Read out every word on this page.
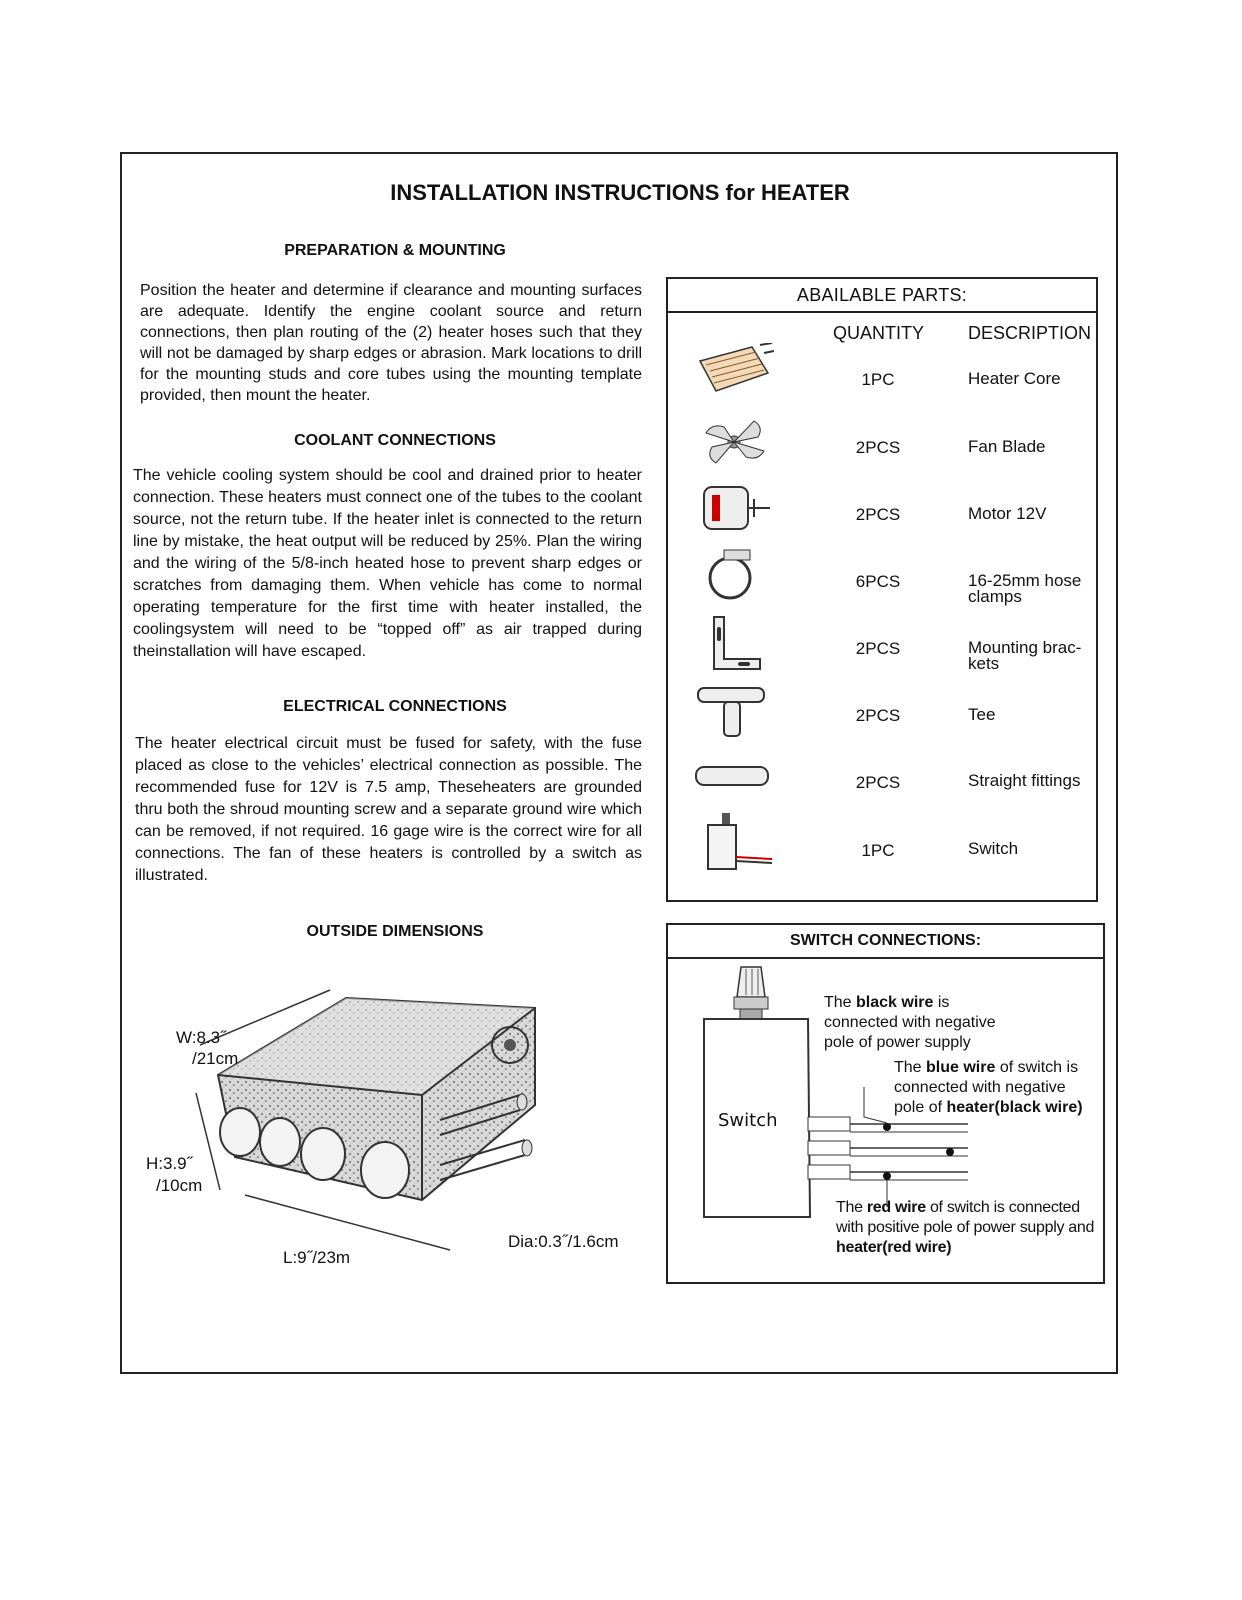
INSTALLATION INSTRUCTIONS for HEATER
PREPARATION & MOUNTING

Position the heater and determine if clearance and mounting surfaces are adequate. Identify the engine coolant source and return connections, then plan routing of the (2) heater hoses such that they will not be damaged by sharp edges or abrasion. Mark locations to drill for the mounting studs and core tubes using the mounting template provided, then mount the heater.

COOLANT CONNECTIONS

The vehicle cooling system should be cool and drained prior to heater connection. These heaters must connect one of the tubes to the coolant source, not the return tube. If the heater inlet is connected to the return line by mistake, the heat output will be reduced by 25%. Plan the wiring and the wiring of the 5/8-inch heated hose to prevent sharp edges or scratches from damaging them. When vehicle has come to normal operating temperature for the first time with heater installed, the coolingsystem will need to be “topped off” as air trapped during theinstallation will have escaped.

ELECTRICAL CONNECTIONS

The heater electrical circuit must be fused for safety, with the fuse placed as close to the vehicles’ electrical connection as possible. The recommended fuse for 12V is 7.5 amp, Theseheaters are grounded thru both the shroud mounting screw and a separate ground wire which can be removed, if not required. 16 gage wire is the correct wire for all connections. The fan of these heaters is controlled by a switch as illustrated.

OUTSIDE DIMENSIONS
W:8.3˝
/21cm
H:3.9˝
/10cm
L:9˝/23m
Dia:0.3˝/1.6cm
ABAILABLE PARTS:
QUANTITY DESCRIPTION
1PC	Heater Core
2PCS	Fan Blade
2PCS	Motor 12V
6PCS	16-25mm hose clamps
2PCS	Mounting brac- kets
2PCS	Tee
2PCS	Straight fittings
1PC	Switch
SWITCH CONNECTIONS:
Switch
The black wire is connected with negative pole of power supply
The blue wire of switch is connected with negative pole of heater(black wire)
The red wire of switch is connected with positive pole of power supply and heater(red wire)
